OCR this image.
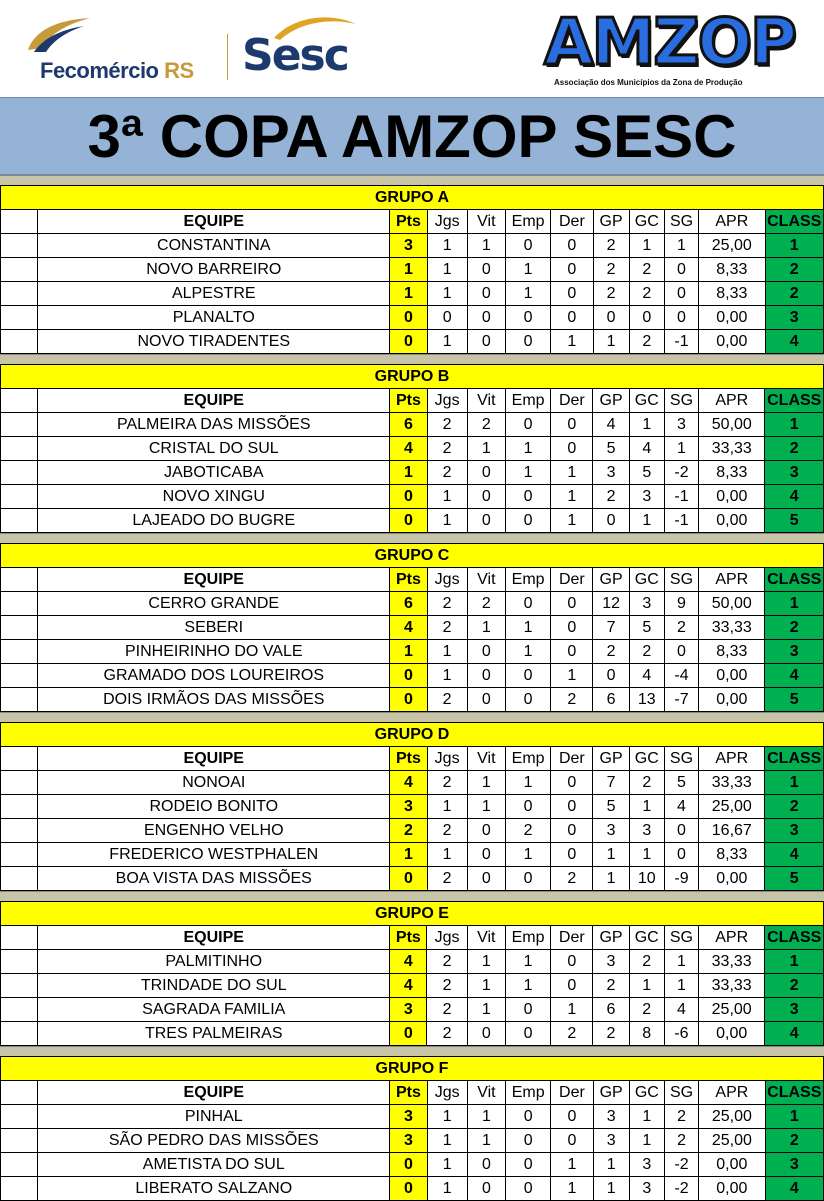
Fecomércio RS Sesc	AMZOP
Associação dos Municípios da Zona de Produção
3ª COPA AMZOP SESC
GRUPO A											
	EQUIPE	Pts	Jgs	Vit	Emp	Der	GP	GC	SG	APR	CLASS
	CONSTANTINA	3	1	1	0	0	2	1	1	25,00	1
	NOVO BARREIRO	1	1	0	1	0	2	2	0	8,33	2
	ALPESTRE	1	1	0	1	0	2	2	0	8,33	2
	PLANALTO	0	0	0	0	0	0	0	0	0,00	3
	NOVO TIRADENTES	0	1	0	0	1	1	2	-1	0,00	4
GRUPO B											
	EQUIPE	Pts	Jgs	Vit	Emp	Der	GP	GC	SG	APR	CLASS
	PALMEIRA DAS MISSÕES	6	2	2	0	0	4	1	3	50,00	1
	CRISTAL DO SUL	4	2	1	1	0	5	4	1	33,33	2
	JABOTICABA	1	2	0	1	1	3	5	-2	8,33	3
	NOVO XINGU	0	1	0	0	1	2	3	-1	0,00	4
	LAJEADO DO BUGRE	0	1	0	0	1	0	1	-1	0,00	5
GRUPO C											
	EQUIPE	Pts	Jgs	Vit	Emp	Der	GP	GC	SG	APR	CLASS
	CERRO GRANDE	6	2	2	0	0	12	3	9	50,00	1
	SEBERI	4	2	1	1	0	7	5	2	33,33	2
	PINHEIRINHO DO VALE	1	1	0	1	0	2	2	0	8,33	3
	GRAMADO DOS LOUREIROS	0	1	0	0	1	0	4	-4	0,00	4
	DOIS IRMÃOS DAS MISSÕES	0	2	0	0	2	6	13	-7	0,00	5
GRUPO D											
	EQUIPE	Pts	Jgs	Vit	Emp	Der	GP	GC	SG	APR	CLASS
	NONOAI	4	2	1	1	0	7	2	5	33,33	1
	RODEIO BONITO	3	1	1	0	0	5	1	4	25,00	2
	ENGENHO VELHO	2	2	0	2	0	3	3	0	16,67	3
	FREDERICO WESTPHALEN	1	1	0	1	0	1	1	0	8,33	4
	BOA VISTA DAS MISSÕES	0	2	0	0	2	1	10	-9	0,00	5
GRUPO E											
	EQUIPE	Pts	Jgs	Vit	Emp	Der	GP	GC	SG	APR	CLASS
	PALMITINHO	4	2	1	1	0	3	2	1	33,33	1
	TRINDADE DO SUL	4	2	1	1	0	2	1	1	33,33	2
	SAGRADA FAMILIA	3	2	1	0	1	6	2	4	25,00	3
	TRES PALMEIRAS	0	2	0	0	2	2	8	-6	0,00	4
GRUPO F											
	EQUIPE	Pts	Jgs	Vit	Emp	Der	GP	GC	SG	APR	CLASS
	PINHAL	3	1	1	0	0	3	1	2	25,00	1
	SÃO PEDRO DAS MISSÕES	3	1	1	0	0	3	1	2	25,00	2
	AMETISTA DO SUL	0	1	0	0	1	1	3	-2	0,00	3
	LIBERATO SALZANO	0	1	0	0	1	1	3	-2	0,00	4
